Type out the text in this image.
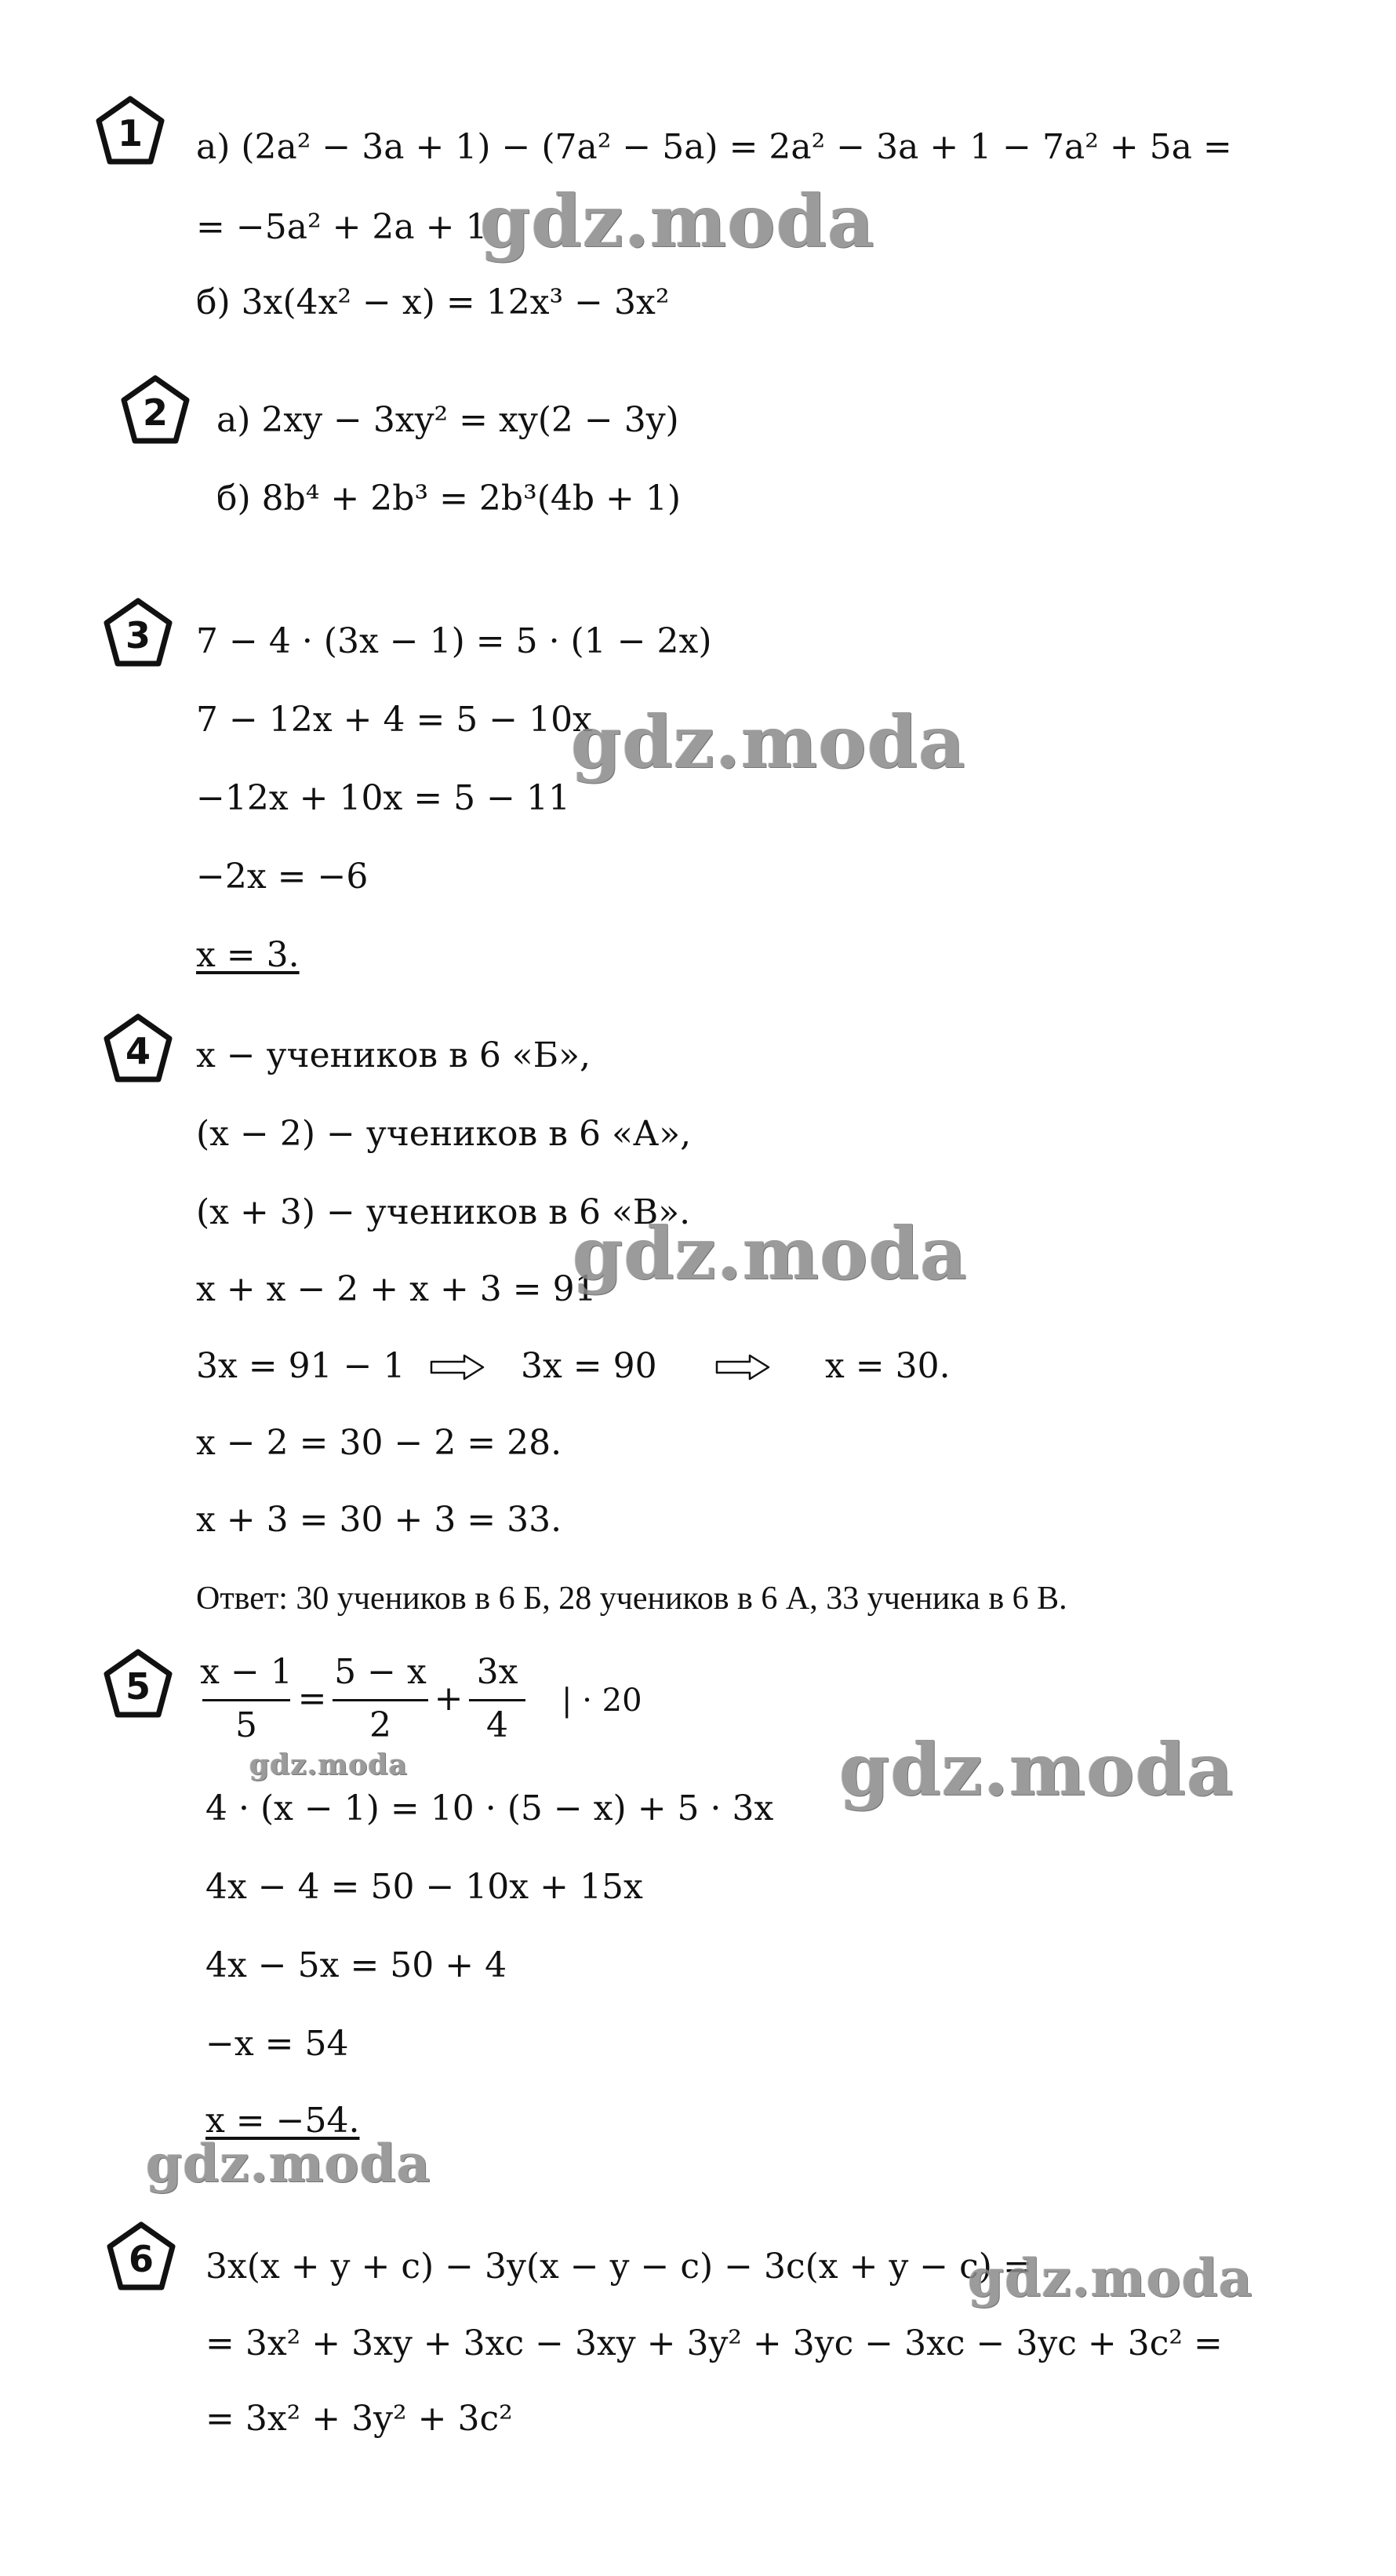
1
2
3
4
5
6
а) (2a² − 3a + 1) − (7a² − 5a) = 2a² − 3a + 1 − 7a² + 5a =
= −5a² + 2a + 1
б) 3x(4x² − x) = 12x³ − 3x²
а) 2xy − 3xy² = xy(2 − 3y)
б) 8b⁴ + 2b³ = 2b³(4b + 1)
7 − 4 · (3x − 1) = 5 · (1 − 2x)
7 − 12x + 4 = 5 − 10x
−12x + 10x = 5 − 11
−2x = −6
x = 3.
x − учеников в 6 «Б»,
(x − 2) − учеников в 6 «А»,
(x + 3) − учеников в 6 «В».
x + x − 2 + x + 3 = 91
3x = 91 − 1	3x = 90	x = 30.
x − 2 = 30 − 2 = 28.
x + 3 = 30 + 3 = 33.
Ответ: 30 учеников в 6 Б, 28 учеников в 6 А, 33 ученика в 6 В.
x − 1
5
=
5 − x
2
+
3x
4
| · 20
4 · (x − 1) = 10 · (5 − x) + 5 · 3x
4x − 4 = 50 − 10x + 15x
4x − 5x = 50 + 4
−x = 54
x = −54.
3x(x + y + c) − 3y(x − y − c) − 3c(x + y − c) =
= 3x² + 3xy + 3xc − 3xy + 3y² + 3yc − 3xc − 3yc + 3c² =
= 3x² + 3y² + 3c²
gdz.moda
gdz.moda
gdz.moda
gdz.moda	gdz.moda
gdz.moda
gdz.moda
